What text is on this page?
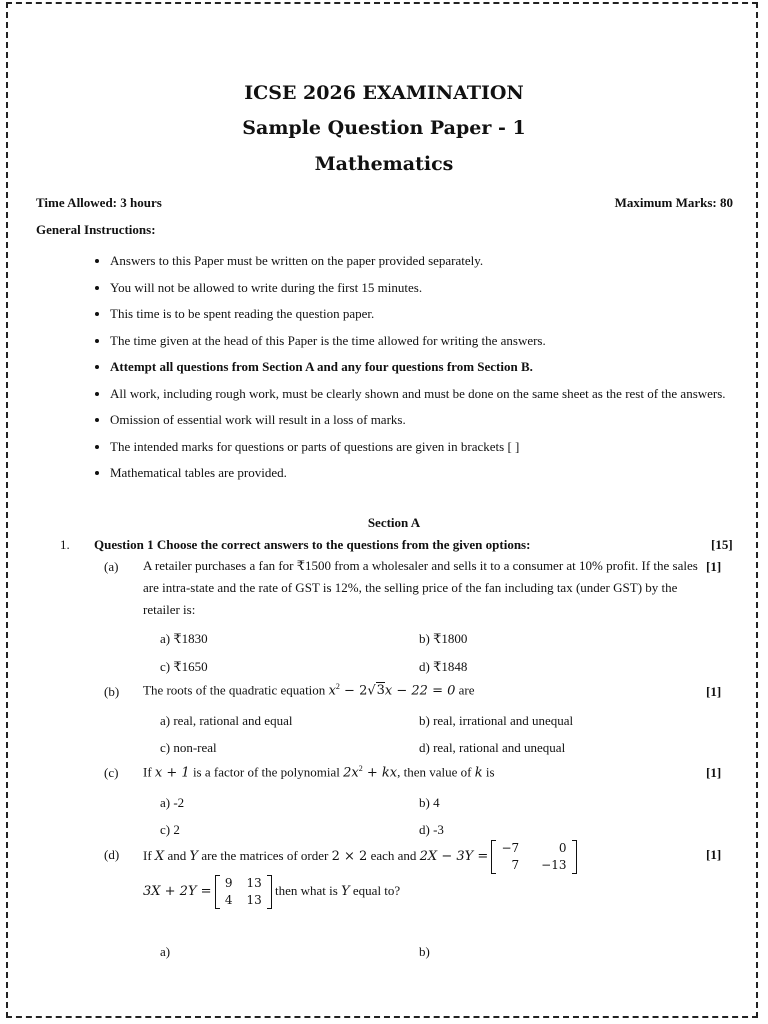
ICSE 2026 EXAMINATION
Sample Question Paper - 1
Mathematics
Time Allowed: 3 hours	Maximum Marks: 80
General Instructions:
• Answers to this Paper must be written on the paper provided separately.
• You will not be allowed to write during the first 15 minutes.
• This time is to be spent reading the question paper.
• The time given at the head of this Paper is the time allowed for writing the answers.
• Attempt all questions from Section A and any four questions from Section B.
• All work, including rough work, must be clearly shown and must be done on the same sheet as the rest of the answers.
• Omission of essential work will result in a loss of marks.
• The intended marks for questions or parts of questions are given in brackets [ ]
• Mathematical tables are provided.
Section A
1. Question 1 Choose the correct answers to the questions from the given options:	[15]
(a) A retailer purchases a fan for ₹1500 from a wholesaler and sells it to a consumer at 10% profit. If the sales are intra-state and the rate of GST is 12%, the selling price of the fan including tax (under GST) by the retailer is:
[1]
a) ₹1830	b) ₹1800
c) ₹1650	d) ₹1848
(b) The roots of the quadratic equation $x^2 - 2√3x - 22 = 0$ are	[1]
a) real, rational and equal	b) real, irrational and unequal
c) non-real	d) real, rational and unequal
(c) If x + 1 is a factor of the polynomial $2x^2$ + kx, then value of k is	[1]
a) -2	b) 4
c) 2	d) -3
(d) If X and Y are the matrices of order 2 × 2 each and 2X − 3Y =
−7	0
7	−13
[1]
3X + 2Y =
9	13
4	13
then what is Y equal to?
a)	b)
